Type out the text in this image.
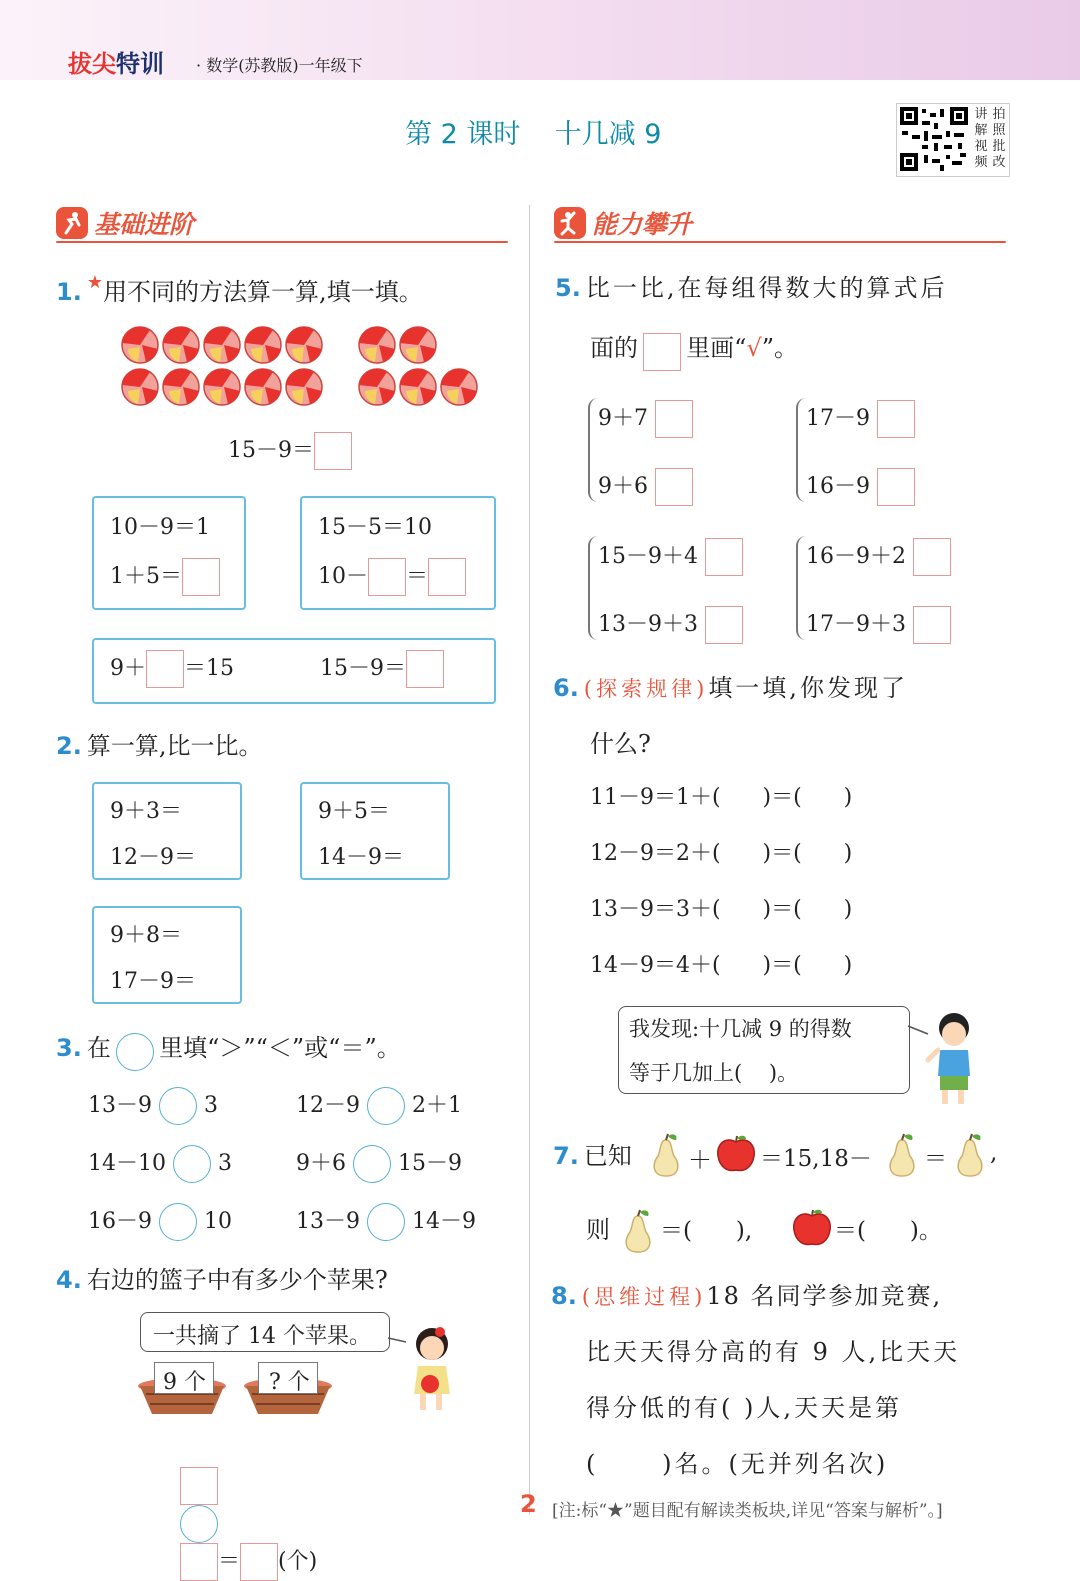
拔尖特训 · 数学(苏教版)一年级下
第 2 课时    十几减 9
讲 拍
解 照
视 批
频 改
基础进阶
1. ★用不同的方法算一算,填一填。
15－9＝
10－9＝1
1＋5＝
15－5＝10
10－ ＝
9＋ ＝15	15－9＝
2. 算一算,比一比。
9＋3＝
12－9＝
9＋5＝
14－9＝
9＋8＝
17－9＝
3. 在 里填“＞”“＜”或“＝”。
13－9 3	12－9 2＋1
14－10 3	9＋6 15－9
16－9 10	13－9 14－9
4. 右边的篮子中有多少个苹果?
一共摘了 14 个苹果。
9 个	? 个

＝ (个)

能力攀升
5. 比一比,在每组得数大的算式后
面的 里画“√”。
9＋7
9＋6
17－9
16－9
15－9＋4
13－9＋3
16－9＋2
17－9＋3
6. (探索规律)填一填,你发现了
什么?
11－9＝1＋(      )＝(      )
12－9＝2＋(      )＝(      )
13－9＝3＋(      )＝(      )
14－9＝4＋(      )＝(      )
我发现:十几减 9 的得数
等于几加上(    )。
7. 已知 ＋ ＝15,18－ ＝ ,
则 ＝(      ),	＝(      )。
8. (思维过程)18 名同学参加竞赛,
比天天得分高的有 9 人,比天天
得分低的有( )人,天天是第
(      )名。(无并列名次)
2 [注:标“★”题目配有解读类板块,详见“答案与解析”。]
